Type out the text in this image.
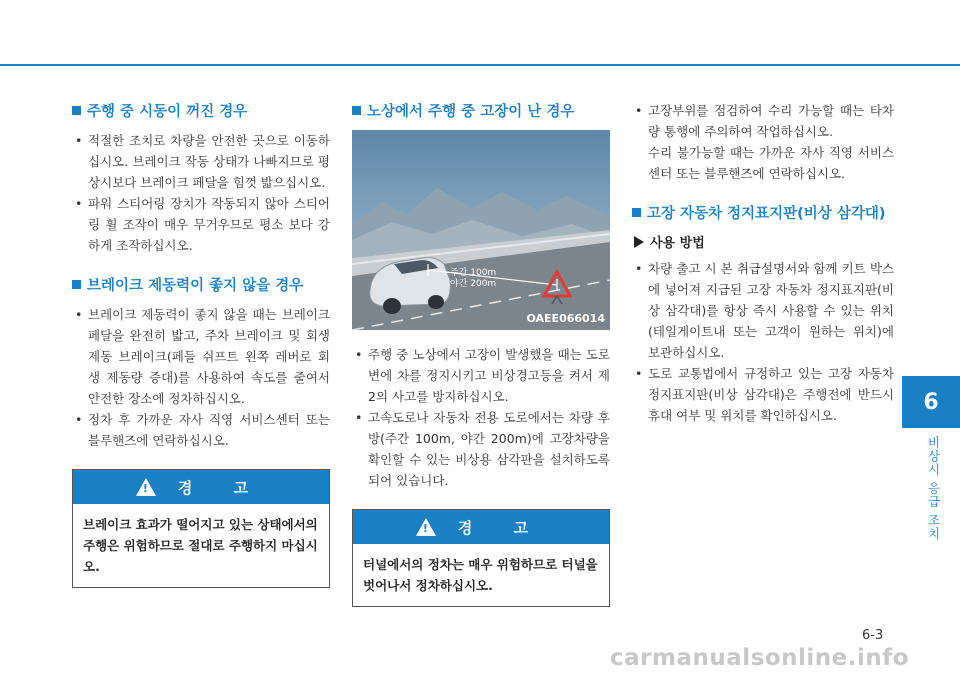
주행 중 시동이 꺼진 경우
• 적절한 조치로 차량을 안전한 곳으로 이동하십시오. 브레이크 작동 상태가 나빠지므로 평상시보다 브레이크 페달을 힘껏 밟으십시오.
• 파워 스티어링 장치가 작동되지 않아 스티어링 휠 조작이 매우 무거우므로 평소 보다 강하게 조작하십시오.
브레이크 제동력이 좋지 않을 경우
• 브레이크 제동력이 좋지 않을 때는 브레이크 페달을 완전히 밟고, 주차 브레이크 및 회생 제동 브레이크(페들 쉬프트 왼쪽 레버로 회생 제동량 증대)를 사용하여 속도를 줄여서 안전한 장소에 정차하십시오.
• 정차 후 가까운 자사 직영 서비스센터 또는 블루핸즈에 연락하십시오.
!
경 고
브레이크 효과가 떨어지고 있는 상태에서의 주행은 위험하므로 절대로 주행하지 마십시오.
노상에서 주행 중 고장이 난 경우
주간 100m
야간 200m
OAEE066014
• 주행 중 노상에서 고장이 발생했을 때는 도로변에 차를 정지시키고 비상경고등을 켜서 제2의 사고를 방지하십시오.
• 고속도로나 자동차 전용 도로에서는 차량 후방(주간 100m, 야간 200m)에 고장차량을 확인할 수 있는 비상용 삼각판을 설치하도록 되어 있습니다.
!
경 고
터널에서의 정차는 매우 위험하므로 터널을 벗어나서 정차하십시오.
• 고장부위를 점검하여 수리 가능할 때는 타차량 통행에 주의하여 작업하십시오.
수리 불가능할 때는 가까운 자사 직영 서비스센터 또는 블루핸즈에 연락하십시오.
고장 자동차 정지표지판(비상 삼각대)
사용 방법
• 차량 출고 시 본 취급설명서와 함께 키트 박스에 넣어져 지급된 고장 자동차 정지표지판(비상 삼각대)를 항상 즉시 사용할 수 있는 위치(테일게이트내 또는 고객이 원하는 위치)에 보관하십시오.
• 도로 교통법에서 규정하고 있는 고장 자동차 정지표지판(비상 삼각대)은 주행전에 반드시 휴대 여부 및 위치를 확인하십시오.
6
비상시 응급 조치
6-3
carmanualsonline.info
